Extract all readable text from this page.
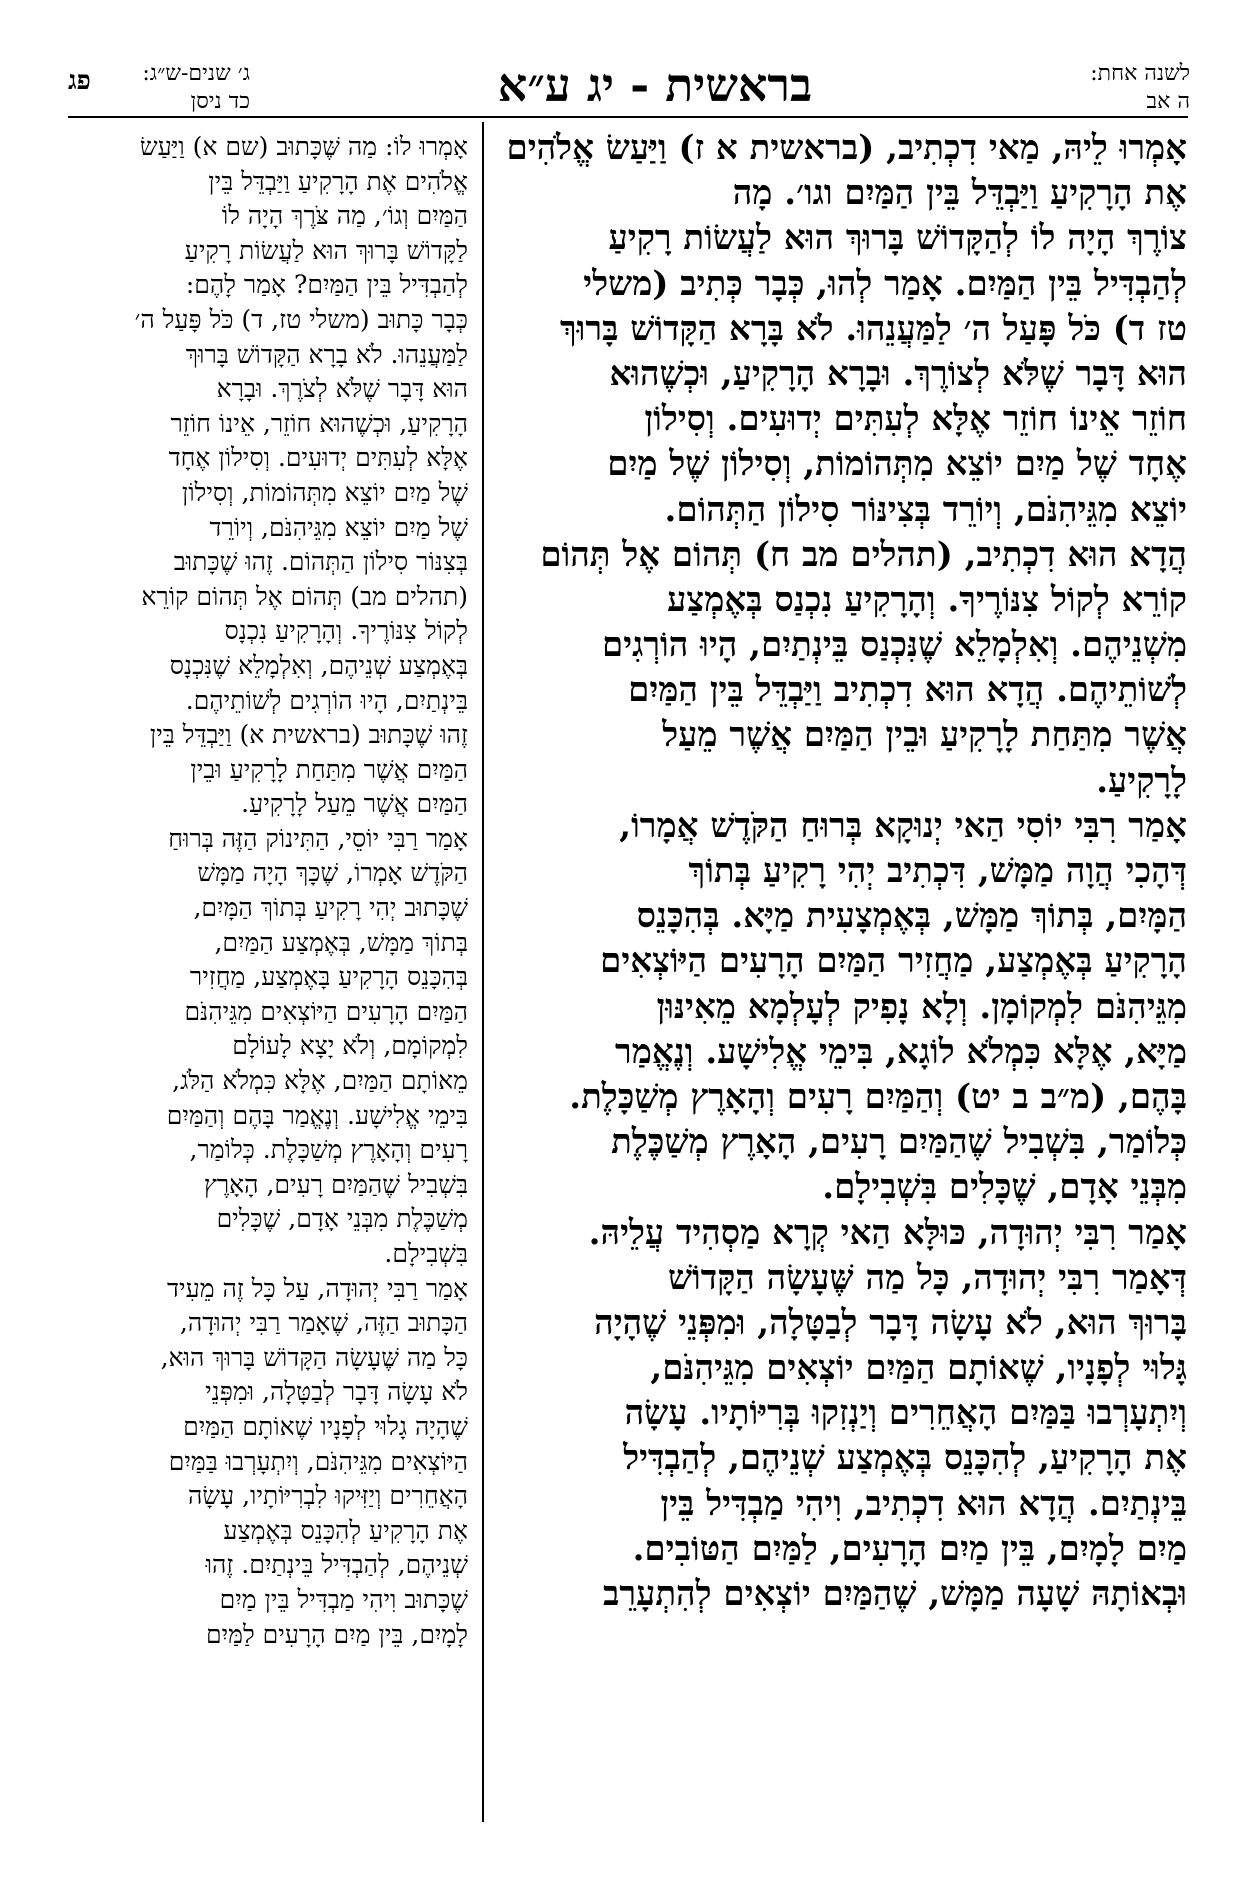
לשנה אחת:
ה אב
בראשית - יג ע״א
ג׳ שנים-ש״ג:
כד ניסן
פג
אָמְרוּ לֵיהּ, מַאי דִכְתִיב, (בראשית א ז) וַיַּעַשׂ אֱלֹהִים
אֶת הָרָקִיעַ וַיַּבְדֵּל בֵּין הַמַּיִם וגו׳. מָה
צוֹרֶךְ הָיָה לוֹ לְהַקָּדוֹשׁ בָּרוּךְ הוּא לַעֲשׂוֹת רָקִיעַ
לְהַבְדִּיל בֵּין הַמַּיִם. אָמַר לְהוּ, כְּבָר כְּתִיב (משלי
טז ד) כֹּל פָּעַל ה׳ לַמַּעֲנֵהוּ. לֹא בָּרָא הַקָּדוֹשׁ בָּרוּךְ
הוּא דָּבָר שֶׁלֹּא לְצוֹרֶךְ. וּבָרָא הָרָקִיעַ, וּכְשֶׁהוּא
חוֹזֵר אֵינוֹ חוֹזֵר אֶלָּא לְעִתִּים יְדוּעִים. וְסִילוֹן
אֶחָד שֶׁל מַיִם יוֹצֵא מִתְּהוֹמוֹת, וְסִילוֹן שֶׁל מַיִם
יוֹצֵא מִגֵּיהִנֹּם, וְיוֹרֵד בְּצִינּוֹר סִילוֹן הַתְּהוֹם.
הֲדָא הוּא דִכְתִיב, (תהלים מב ח) תְּהוֹם אֶל תְּהוֹם
קוֹרֵא לְקוֹל צִנּוֹרֶיךָ. וְהָרָקִיעַ נִכְנַס בְּאֶמְצַע
מִשְׁנֵיהֶם. וְאִלְמָלֵא שֶׁנִּכְנַס בֵּינְתַיִם, הָיוּ הוֹרְגִים
לְשׁוֹתֵיהֶם. הֲדָא הוּא דִכְתִיב וַיַּבְדֵּל בֵּין הַמַּיִם
אֲשֶׁר מִתַּחַת לָרָקִיעַ וּבֵין הַמַּיִם אֲשֶׁר מֵעַל
לָרָקִיעַ.
אָמַר רִבִּי יוֹסִי הַאי יְנוּקָא בְּרוּחַ הַקֹּדֶשׁ אֲמָרוֹ,
דְּהָכִי הֲוָה מַמָּשׁ, דִּכְתִיב יְהִי רָקִיעַ בְּתוֹךְ
הַמָּיִם, בְּתוֹךְ מַמָּשׁ, בְּאֶמְצָעִית מַיָּא. בְּהִכָּנֵס
הָרָקִיעַ בְּאֶמְצַע, מַחֲזִיר הַמַּיִם הָרָעִים הַיּוֹצְאִים
מִגֵּיהִנֹּם לִמְקוֹמָן. וְלָא נָפִיק לְעָלְמָא מֵאִינּוּן
מַיָּא, אֶלָּא כִּמְלֹא לוֹגָא, בִּימֵי אֱלִישָׁע. וְנֶאֱמַר
בָּהֶם, (מ״ב ב יט) וְהַמַּיִם רָעִים וְהָאָרֶץ מְשַׁכָּלֶת.
כְּלוֹמַר, בִּשְׁבִיל שֶׁהַמַּיִם רָעִים, הָאָרֶץ מְשַׁכֶּלֶת
מִבְּנֵי אָדָם, שֶׁכָּלִים בִּשְׁבִילָם.
אָמַר רִבִּי יְהוּדָה, כּוּלָּא הַאי קְרָא מַסְהִיד עֲלֵיהּ.
דְּאָמַר רִבִּי יְהוּדָה, כָּל מַה שֶּׁעָשָׂה הַקָּדוֹשׁ
בָּרוּךְ הוּא, לֹא עָשָׂה דָּבָר לְבַטָּלָה, וּמִפְּנֵי שֶׁהָיָה
גָּלוּי לְפָנָיו, שֶׁאוֹתָם הַמַּיִם יוֹצְאִים מִגֵּיהִנֹּם,
וְיִתְעָרְבוּ בַּמַּיִם הָאֲחֵרִים וְיַנְזִקוּ בְּרִיּוֹתָיו. עָשָׂה
אֶת הָרָקִיעַ, לְהִכָּנֵס בְּאֶמְצַע שְׁנֵיהֶם, לְהַבְדִּיל
בֵּינְתַיִם. הֲדָא הוּא דִכְתִיב, וִיהִי מַבְדִּיל בֵּין
מַיִם לָמָיִם, בֵּין מַיִם הָרָעִים, לַמַּיִם הַטּוֹבִים.
וּבְאוֹתָהּ שָׁעָה מַמָּשׁ, שֶׁהַמַּיִם יוֹצְאִים לְהִתְעָרֵב
אָמְרוּ לוֹ: מַה שֶּׁכָּתוּב (שם א) וַיַּעַשׂ
אֱלֹהִים אֶת הָרָקִיעַ וַיַּבְדֵּל בֵּין
הַמַּיִם וְגוֹ׳, מַה צֹּרֶךְ הָיָה לוֹ
לַקָּדוֹשׁ בָּרוּךְ הוּא לַעֲשׂוֹת רָקִיעַ
לְהַבְדִּיל בֵּין הַמַּיִם? אָמַר לָהֶם:
כְּבָר כָּתוּב (משלי טז, ד) כֹּל פָּעַל ה׳
לַמַּעֲנֵהוּ. לֹא בָרָא הַקָּדוֹשׁ בָּרוּךְ
הוּא דָּבָר שֶׁלֹּא לְצֹרֶךְ. וּבָרָא
הָרָקִיעַ, וּכְשֶׁהוּא חוֹזֵר, אֵינוֹ חוֹזֵר
אֶלָּא לְעִתִּים יְדוּעִים. וְסִילוֹן אֶחָד
שֶׁל מַיִם יוֹצֵא מִתְּהוֹמוֹת, וְסִילוֹן
שֶׁל מַיִם יוֹצֵא מִגֵּיהִנֹּם, וְיוֹרֵד
בְּצִנּוֹר סִילוֹן הַתְּהוֹם. זֶהוּ שֶׁכָּתוּב
(תהלים מב) תְּהוֹם אֶל תְּהוֹם קוֹרֵא
לְקוֹל צִנּוֹרֶיךָ. וְהָרָקִיעַ נִכְנָס
בְּאֶמְצַע שְׁנֵיהֶם, וְאִלְמָלֵא שֶׁנִּכְנָס
בֵּינְתַיִם, הָיוּ הוֹרְגִים לְשׁוֹתֵיהֶם.
זֶהוּ שֶׁכָּתוּב (בראשית א) וַיַּבְדֵּל בֵּין
הַמַּיִם אֲשֶׁר מִתַּחַת לָרָקִיעַ וּבֵין
הַמַּיִם אֲשֶׁר מֵעַל לָרָקִיעַ.
אָמַר רַבִּי יוֹסֵי, הַתִּינוֹק הַזֶּה בְּרוּחַ
הַקֹּדֶשׁ אָמְרוֹ, שֶׁכָּךְ הָיָה מַמָּשׁ
שֶׁכָּתוּב יְהִי רָקִיעַ בְּתוֹךְ הַמָּיִם,
בְּתוֹךְ מַמָּשׁ, בְּאֶמְצַע הַמַּיִם,
בְּהִכָּנֵס הָרָקִיעַ בָּאֶמְצַע, מַחֲזִיר
הַמַּיִם הָרָעִים הַיּוֹצְאִים מִגֵּיהִנֹּם
לִמְקוֹמָם, וְלֹא יָצָא לָעוֹלָם
מֵאוֹתָם הַמַּיִם, אֶלָּא כִּמְלֹא הַלֹּג,
בִּימֵי אֱלִישָׁע. וְנֶאֱמַר בָּהֶם וְהַמַּיִם
רָעִים וְהָאָרֶץ מְשַׁכָּלֶת. כְּלוֹמַר,
בִּשְׁבִיל שֶׁהַמַּיִם רָעִים, הָאָרֶץ
מְשַׁכֶּלֶת מִבְּנֵי אָדָם, שֶׁכָּלִים
בִּשְׁבִילָם.
אָמַר רַבִּי יְהוּדָה, עַל כָּל זֶה מֵעִיד
הַכָּתוּב הַזֶּה, שֶׁאָמַר רַבִּי יְהוּדָה,
כָּל מַה שֶּׁעָשָׂה הַקָּדוֹשׁ בָּרוּךְ הוּא,
לֹא עָשָׂה דָּבָר לְבַטָּלָה, וּמִפְּנֵי
שֶׁהָיָה גָלוּי לְפָנָיו שֶׁאוֹתָם הַמַּיִם
הַיּוֹצְאִים מִגֵּיהִנֹּם, וְיִתְעָרְבוּ בַּמַּיִם
הָאֲחֵרִים וְיַזִּיקוּ לִבְרִיּוֹתָיו, עָשָׂה
אֶת הָרָקִיעַ לְהִכָּנֵס בְּאֶמְצַע
שְׁנֵיהֶם, לְהַבְדִּיל בֵּינְתַיִם. זֶהוּ
שֶׁכָּתוּב וִיהִי מַבְדִּיל בֵּין מַיִם
לָמָיִם, בֵּין מַיִם הָרָעִים לַמַּיִם
